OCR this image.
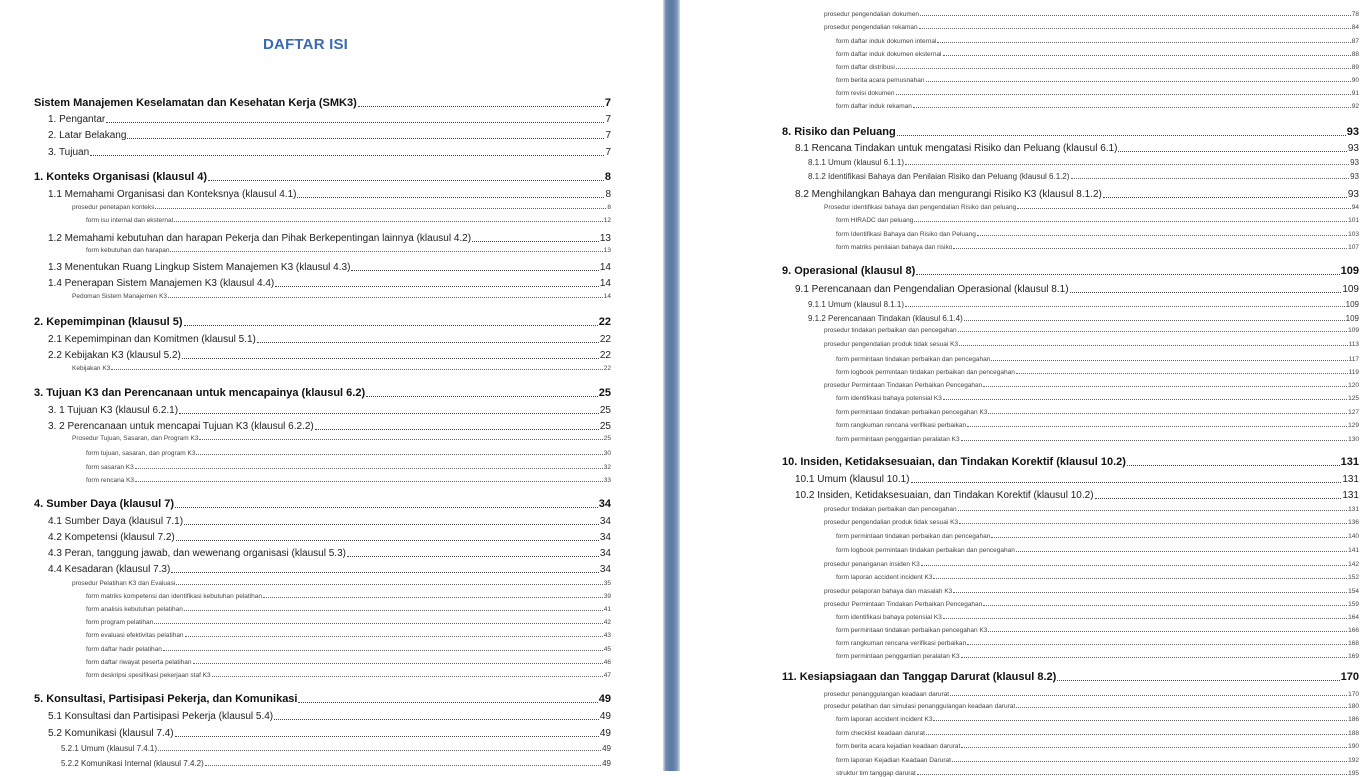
DAFTAR ISI
Sistem Manajemen Keselamatan dan Kesehatan Kerja (SMK3)	7
1. Pengantar	7
2. Latar Belakang	7
3. Tujuan	7
1. Konteks Organisasi (klausul 4)	8
1.1 Memahami Organisasi dan Konteksnya (klausul 4.1)	8
prosedur penetapan konteks	8
form isu internal dan eksternal	12
1.2 Memahami kebutuhan dan harapan Pekerja dan Pihak Berkepentingan lainnya (klausul 4.2)	13
form kebutuhan dan harapan	13
1.3 Menentukan Ruang Lingkup Sistem Manajemen K3 (klausul 4.3)	14
1.4 Penerapan Sistem Manajemen K3 (klausul 4.4)	14
Pedoman Sistem Manajemen K3	14
2. Kepemimpinan (klausul 5)	22
2.1 Kepemimpinan dan Komitmen (klausul 5.1)	22
2.2 Kebijakan K3 (klausul 5.2)	22
Kebijakan K3	22
3. Tujuan K3 dan Perencanaan untuk mencapainya (klausul 6.2)	25
3. 1 Tujuan K3 (klausul 6.2.1)	25
3. 2 Perencanaan untuk mencapai Tujuan K3 (klausul 6.2.2)	25
Prosedur Tujuan, Sasaran, dan Program K3	25
form tujuan, sasaran, dan program K3	30
form sasaran K3	32
form rencana K3	33
4. Sumber Daya (klausul 7)	34
4.1 Sumber Daya (klausul 7.1)	34
4.2 Kompetensi (klausul 7.2)	34
4.3 Peran, tanggung jawab, dan wewenang organisasi (klausul 5.3)	34
4.4 Kesadaran (klausul 7.3)	34
prosedur Pelatihan K3 dan Evaluasi	35
form matriks kompetensi dan identifikasi kebutuhan pelatihan	39
form analisis kebutuhan pelatihan	41
form program pelatihan	42
form evaluasi efektivitas pelatihan	43
form daftar hadir pelatihan	45
form daftar riwayat peserta pelatihan	46
form deskripsi spesifikasi pekerjaan staf K3	47
5. Konsultasi, Partisipasi Pekerja, dan Komunikasi	49
5.1 Konsultasi dan Partisipasi Pekerja (klausul 5.4)	49
5.2 Komunikasi (klausul 7.4)	49
5.2.1 Umum (klausul 7.4.1)	49
5.2.2 Komunikasi Internal (klausul 7.4.2)	49
prosedur pengendalian dokumen	78
prosedur pengendalian rekaman	84
form daftar induk dokumen internal	87
form daftar induk dokumen eksternal	88
form daftar distribusi	89
form berita acara pemusnahan	90
form revisi dokumen	91
form daftar induk rekaman	92
8. Risiko dan Peluang	93
8.1 Rencana Tindakan untuk mengatasi Risiko dan Peluang (klausul 6.1)	93
8.1.1 Umum (klausul 6.1.1)	93
8.1.2 Identifikasi Bahaya dan Penilaian Risiko dan Peluang (klausul 6.1.2)	93
8.2 Menghilangkan Bahaya dan mengurangi Risiko K3 (klausul 8.1.2)	93
Prosedur identifikasi bahaya dan pengendalian Risiko dan peluang	94
form HIRADC dan peluang	101
form Identifikasi Bahaya dan Risiko dan Peluang	103
form matriks penilaian bahaya dan risiko	107
9. Operasional (klausul 8)	109
9.1 Perencanaan dan Pengendalian Operasional (klausul 8.1)	109
9.1.1 Umum (klausul 8.1.1)	109
9.1.2 Perencanaan Tindakan (klausul 6.1.4)	109
prosedur tindakan perbaikan dan pencegahan	109
prosedur pengendalian produk tidak sesuai K3	113
form permintaan tindakan perbaikan dan pencegahan	117
form logbook permintaan tindakan perbaikan dan pencegahan	119
prosedur Permintaan Tindakan Perbaikan Pencegahan	120
form identifikasi bahaya potensial K3	125
form permintaan tindakan perbaikan pencegahan K3	127
form rangkuman rencana verifikasi perbaikan	129
form permintaan penggantian peralatan K3	130
10. Insiden, Ketidaksesuaian, dan Tindakan Korektif (klausul 10.2)	131
10.1 Umum (klausul 10.1)	131
10.2 Insiden, Ketidaksesuaian, dan Tindakan Korektif (klausul 10.2)	131
prosedur tindakan perbaikan dan pencegahan	131
prosedur pengendalian produk tidak sesuai K3	136
form permintaan tindakan perbaikan dan pencegahan	140
form logbook permintaan tindakan perbaikan dan pencegahan	141
prosedur penanganan insiden K3	142
form laporan accident incident K3	152
prosedur pelaporan bahaya dan masalah K3	154
prosedur Permintaan Tindakan Perbaikan Pencegahan	159
form identifikasi bahaya potensial K3	164
form permintaan tindakan perbaikan pencegahan K3	166
form rangkuman rencana verifikasi perbaikan	168
form permintaan penggantian peralatan K3	169
11. Kesiapsiagaan dan Tanggap Darurat (klausul 8.2)	170
prosedur penanggulangan keadaan darurat	170
prosedur pelatihan dan simulasi penanggulangan keadaan darurat	180
form laporan accident incident K3	186
form checklist keadaan darurat	188
form berita acara kejadian keadaan darurat	190
form laporan Kejadian Keadaan Darurat	192
struktur tim tanggap darurat	195
